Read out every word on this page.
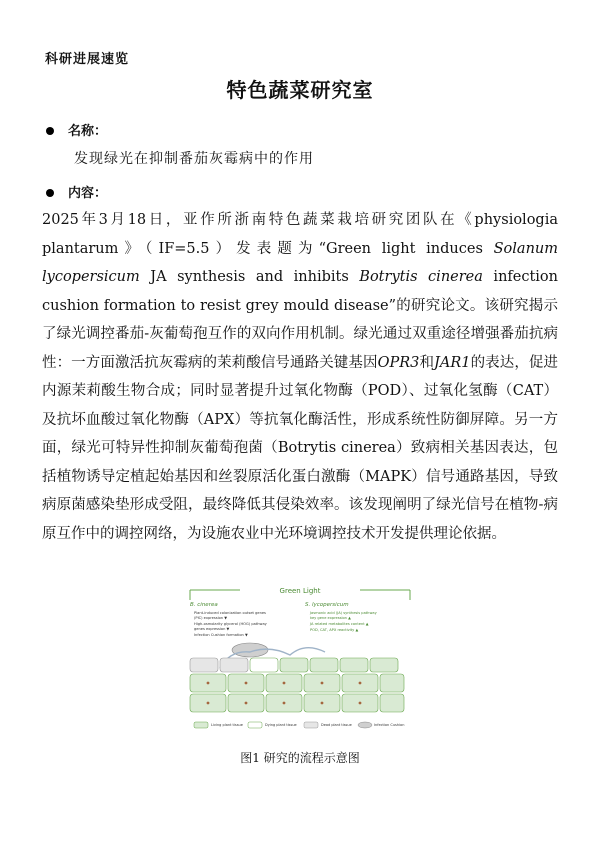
科研进展速览
特色蔬菜研究室
名称：
发现绿光在抑制番茄灰霉病中的作用
内容：
2025年3月18日，亚作所浙南特色蔬菜栽培研究团队在《physiologia plantarum》（IF=5.5）发表题为“Green light induces Solanum lycopersicum JA synthesis and inhibits Botrytis cinerea infection cushion formation to resist grey mould disease”的研究论文。该研究揭示了绿光调控番茄-灰葡萄孢互作的双向作用机制。绿光通过双重途径增强番茄抗病性：一方面激活抗灰霉病的茉莉酸信号通路关键基因OPR3和JAR1的表达，促进内源茉莉酸生物合成；同时显著提升过氧化物酶（POD）、过氧化氢酶（CAT）及抗坏血酸过氧化物酶（APX）等抗氧化酶活性，形成系统性防御屏障。另一方面，绿光可特异性抑制灰葡萄孢菌（Botrytis cinerea）致病相关基因表达，包括植物诱导定植起始基因和丝裂原活化蛋白激酶（MAPK）信号通路基因，导致病原菌感染垫形成受阻，最终降低其侵染效率。该发现阐明了绿光信号在植物-病原互作中的调控网络，为设施农业中光环境调控技术开发提供理论依据。
Green Light
B. cinerea
Plant-induced colonization outset genes
(PIC) expression ▼
High-osmolarity glycerol (HOG) pathway
genes expression ▼
Infection Cushion formation ▼
S. lycopersicum
Jasmonic acid (JA) synthesis pathway
key gene expression ▲
JA related metabolites content ▲
POD, CAT, APX reactivity ▲
Living plant tissue	Dying plant tissue	Dead plant tissue	Infection Cushion
图1 研究的流程示意图
